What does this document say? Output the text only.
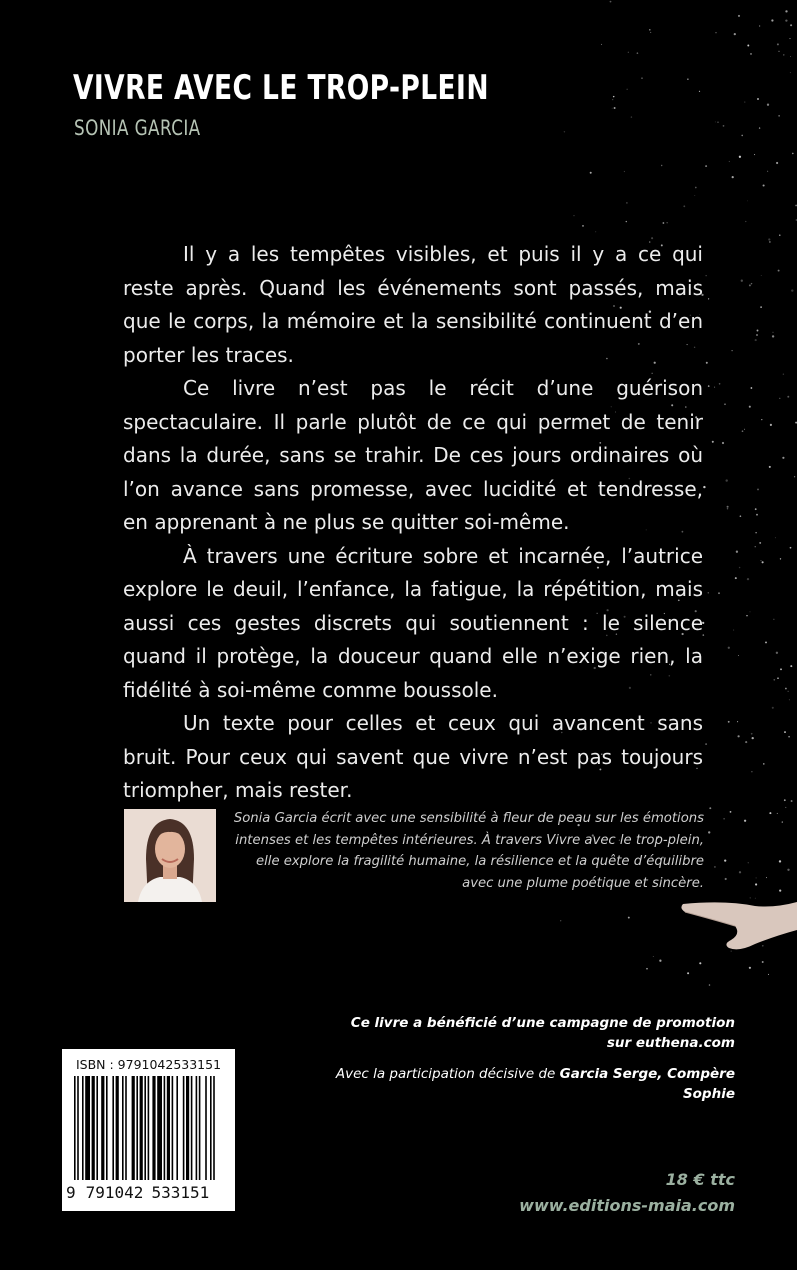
VIVRE AVEC LE TROP-PLEIN
SONIA GARCIA

Il y a les tempêtes visibles, et puis il y a ce qui reste après. Quand les événements sont passés, mais que le corps, la mémoire et la sensibilité continuent d’en porter les traces.

Ce livre n’est pas le récit d’une guérison spectaculaire. Il parle plutôt de ce qui permet de tenir dans la durée, sans se trahir. De ces jours ordinaires où l’on avance sans promesse, avec lucidité et tendresse, en apprenant à ne plus se quitter soi-même.

À travers une écriture sobre et incarnée, l’autrice explore le deuil, l’enfance, la fatigue, la répétition, mais aussi ces gestes discrets qui soutiennent : le silence quand il protège, la douceur quand elle n’exige rien, la fidélité à soi-même comme boussole.

Un texte pour celles et ceux qui avancent sans bruit. Pour ceux qui savent que vivre n’est pas toujours triompher, mais rester.

Sonia Garcia écrit avec une sensibilité à fleur de peau sur les émotions intenses et les tempêtes intérieures. À travers Vivre avec le trop-plein, elle explore la fragilité humaine, la résilience et la quête d’équilibre avec une plume poétique et sincère.
Ce livre a bénéficié d’une campagne de promotion sur euthena.com
Avec la participation décisive de Garcia Serge, Compère Sophie
ISBN : 9791042533151
9 791042 533151
18 € ttc
www.editions-maia.com
